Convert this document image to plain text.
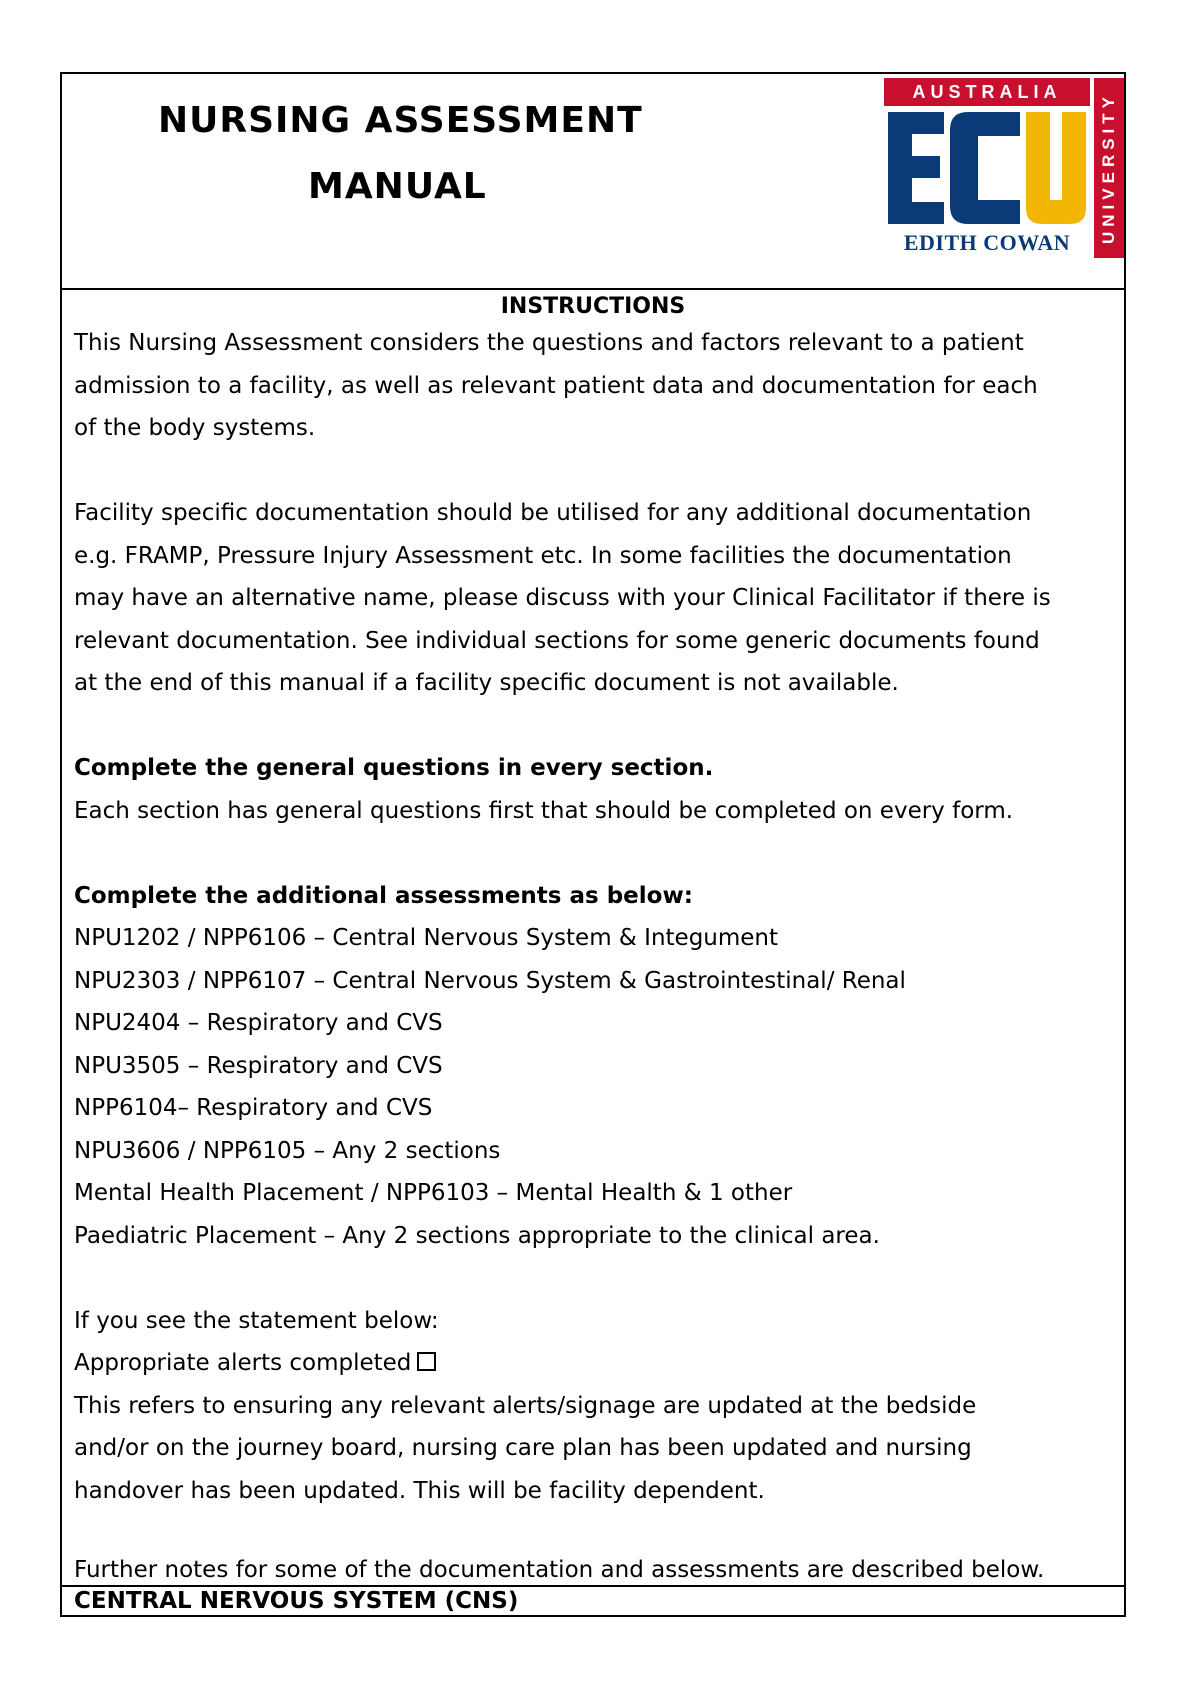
NURSING ASSESSMENT
MANUAL
AUSTRALIA
EDITH COWAN	UNIVERSITY
INSTRUCTIONS

This Nursing Assessment considers the questions and factors relevant to a patient
admission to a facility, as well as relevant patient data and documentation for each
of the body systems.

Facility specific documentation should be utilised for any additional documentation
e.g. FRAMP, Pressure Injury Assessment etc. In some facilities the documentation
may have an alternative name, please discuss with your Clinical Facilitator if there is
relevant documentation. See individual sections for some generic documents found
at the end of this manual if a facility specific document is not available.

Complete the general questions in every section.
Each section has general questions first that should be completed on every form.
Complete the additional assessments as below:
NPU1202 / NPP6106 – Central Nervous System & Integument
NPU2303 / NPP6107 – Central Nervous System & Gastrointestinal/ Renal
NPU2404 – Respiratory and CVS
NPU3505 – Respiratory and CVS
NPP6104– Respiratory and CVS
NPU3606 / NPP6105 – Any 2 sections
Mental Health Placement / NPP6103 – Mental Health & 1 other
Paediatric Placement – Any 2 sections appropriate to the clinical area.
If you see the statement below:
Appropriate alerts completed
This refers to ensuring any relevant alerts/signage are updated at the bedside
and/or on the journey board, nursing care plan has been updated and nursing
handover has been updated. This will be facility dependent.
Further notes for some of the documentation and assessments are described below.
CENTRAL NERVOUS SYSTEM (CNS)
